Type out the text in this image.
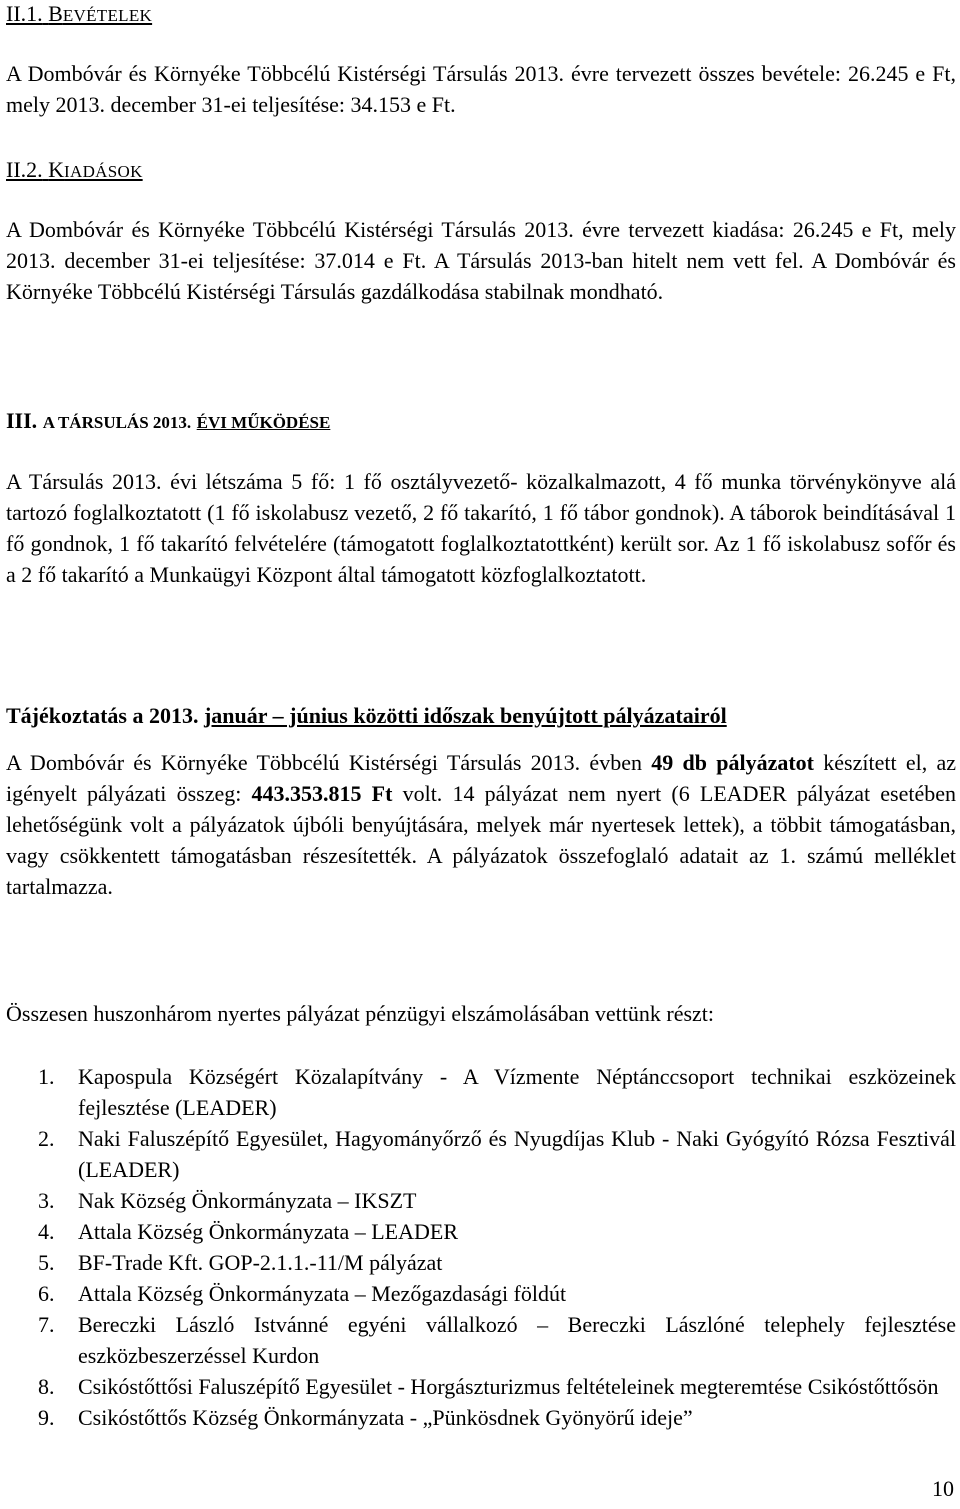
II.1. BEVÉTELEK

A Dombóvár és Környéke Többcélú Kistérségi Társulás 2013. évre tervezett összes bevétele: 26.245 e Ft, mely 2013. december 31-ei teljesítése: 34.153 e Ft.

II.2. KIADÁSOK

A Dombóvár és Környéke Többcélú Kistérségi Társulás 2013. évre tervezett kiadása: 26.245 e Ft, mely 2013. december 31-ei teljesítése: 37.014 e Ft. A Társulás 2013-ban hitelt nem vett fel. A Dombóvár és Környéke Többcélú Kistérségi Társulás gazdálkodása stabilnak mondható.

III. A TÁRSULÁS 2013. ÉVI MŰKÖDÉSE

A Társulás 2013. évi létszáma 5 fő: 1 fő osztályvezető- közalkalmazott, 4 fő munka törvénykönyve alá tartozó foglalkoztatott (1 fő iskolabusz vezető, 2 fő takarító, 1 fő tábor gondnok). A táborok beindításával 1 fő gondnok, 1 fő takarító felvételére (támogatott foglalkoztatottként) került sor. Az 1 fő iskolabusz sofőr és a 2 fő takarító a Munkaügyi Központ által támogatott közfoglalkoztatott.

Tájékoztatás a 2013. január – június közötti időszak benyújtott pályázatairól

A Dombóvár és Környéke Többcélú Kistérségi Társulás 2013. évben 49 db pályázatot készített el, az igényelt pályázati összeg: 443.353.815 Ft volt. 14 pályázat nem nyert (6 LEADER pályázat esetében lehetőségünk volt a pályázatok újbóli benyújtására, melyek már nyertesek lettek), a többit támogatásban, vagy csökkentett támogatásban részesítették. A pályázatok összefoglaló adatait az 1. számú melléklet tartalmazza.

Összesen huszonhárom nyertes pályázat pénzügyi elszámolásában vettünk részt:

1. Kapospula Községért Közalapítvány - A Vízmente Néptánccsoport technikai eszközeinek fejlesztése (LEADER)
2. Naki Faluszépítő Egyesület, Hagyományőrző és Nyugdíjas Klub - Naki Gyógyító Rózsa Fesztivál (LEADER)
3. Nak Község Önkormányzata – IKSZT
4. Attala Község Önkormányzata – LEADER
5. BF-Trade Kft. GOP-2.1.1.-11/M pályázat
6. Attala Község Önkormányzata – Mezőgazdasági földút
7. Bereczki László Istvánné egyéni vállalkozó – Bereczki Lászlóné telephely fejlesztése eszközbeszerzéssel Kurdon
8. Csikóstőttősi Faluszépítő Egyesület - Horgászturizmus feltételeinek megteremtése Csikóstőttősön
9. Csikóstőttős Község Önkormányzata - „Pünkösdnek Gyönyörű ideje”
10
